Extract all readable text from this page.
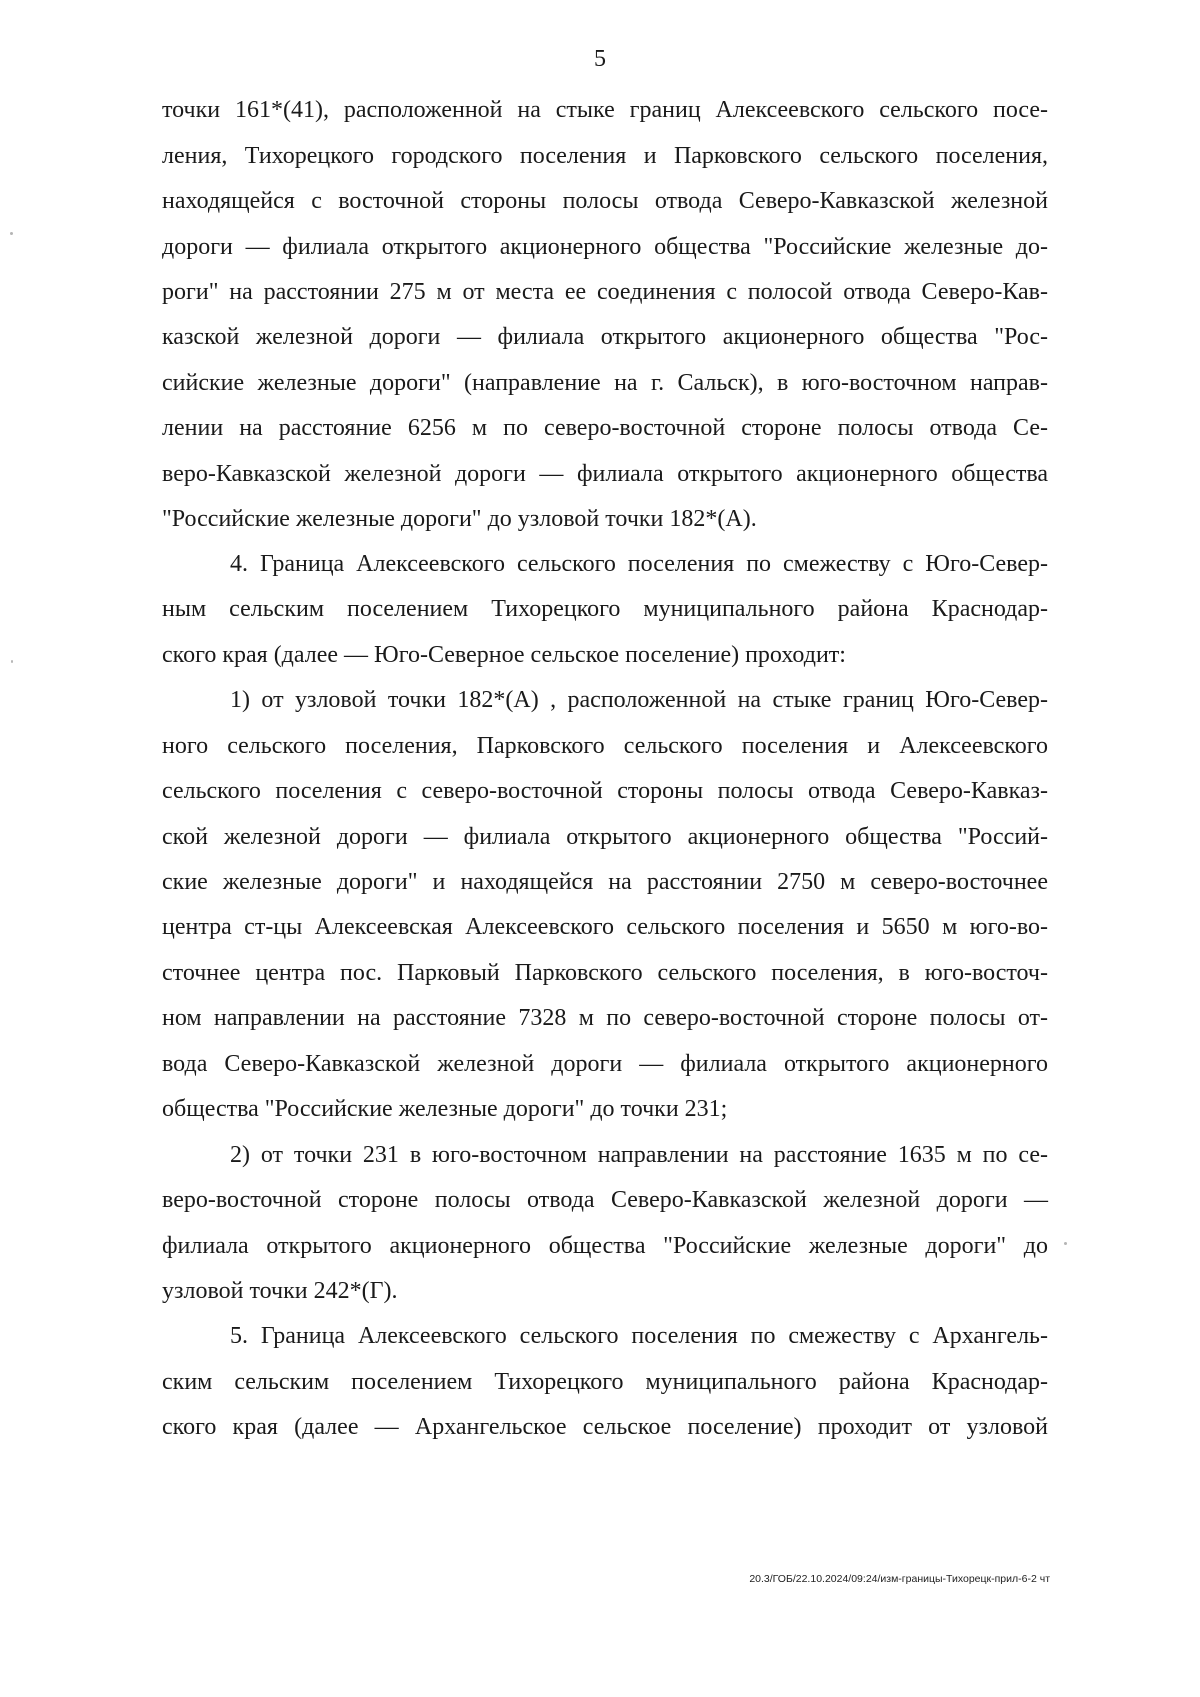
5
точки 161*(41), расположенной на стыке границ Алексеевского сельского посе-
ления, Тихорецкого городского поселения и Парковского сельского поселения,
находящейся с восточной стороны полосы отвода Северо-Кавказской железной
дороги — филиала открытого акционерного общества "Российские железные до-
роги" на расстоянии 275 м от места ее соединения с полосой отвода Северо-Кав-
казской железной дороги — филиала открытого акционерного общества "Рос-
сийские железные дороги" (направление на г. Сальск), в юго-восточном направ-
лении на расстояние 6256 м по северо-восточной стороне полосы отвода Се-
веро-Кавказской железной дороги — филиала открытого акционерного общества
"Российские железные дороги" до узловой точки 182*(А).
4. Граница Алексеевского сельского поселения по смежеству с Юго-Север-
ным сельским поселением Тихорецкого муниципального района Краснодар-
ского края (далее — Юго-Северное сельское поселение) проходит:
1) от узловой точки 182*(А) , расположенной на стыке границ Юго-Север-
ного сельского поселения, Парковского сельского поселения и Алексеевского
сельского поселения с северо-восточной стороны полосы отвода Северо-Кавказ-
ской железной дороги — филиала открытого акционерного общества "Россий-
ские железные дороги" и находящейся на расстоянии 2750 м северо-восточнее
центра ст-цы Алексеевская Алексеевского сельского поселения и 5650 м юго-во-
сточнее центра пос. Парковый Парковского сельского поселения, в юго-восточ-
ном направлении на расстояние 7328 м по северо-восточной стороне полосы от-
вода Северо-Кавказской железной дороги — филиала открытого акционерного
общества "Российские железные дороги" до точки 231;
2) от точки 231 в юго-восточном направлении на расстояние 1635 м по се-
веро-восточной стороне полосы отвода Северо-Кавказской железной дороги —
филиала открытого акционерного общества "Российские железные дороги" до
узловой точки 242*(Г).
5. Граница Алексеевского сельского поселения по смежеству с Архангель-
ским сельским поселением Тихорецкого муниципального района Краснодар-
ского края (далее — Архангельское сельское поселение) проходит от узловой
20.3/ГОБ/22.10.2024/09:24/изм-границы-Тихорецк-прил-6-2 чт
